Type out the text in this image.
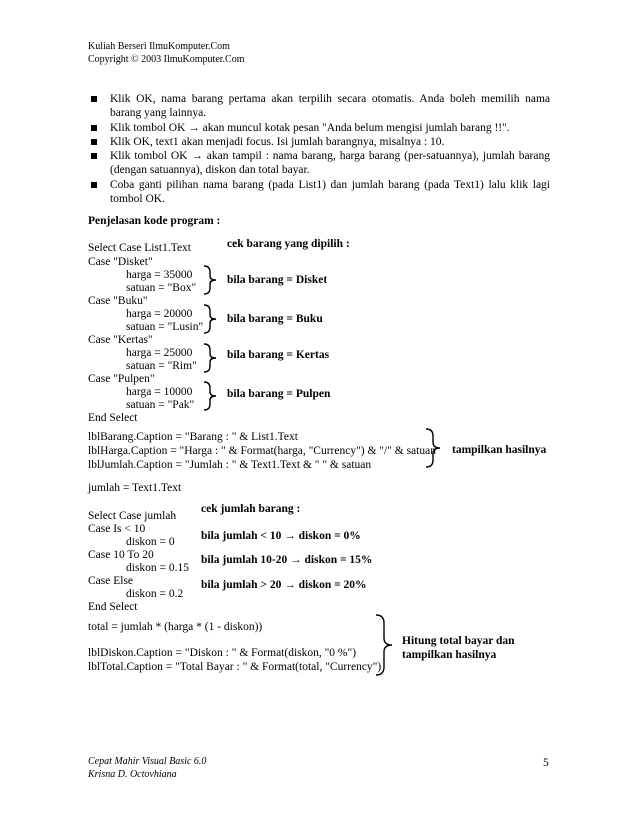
Kuliah Berseri IlmuKomputer.Com
Copyright © 2003 IlmuKomputer.Com
Klik OK, nama barang pertama akan terpilih secara otomatis. Anda boleh memilih nama barang yang lainnya.
Klik tombol OK → akan muncul kotak pesan "Anda belum mengisi jumlah barang !!".
Klik OK, text1 akan menjadi focus. Isi jumlah barangnya, misalnya : 10.
Klik tombol OK → akan tampil : nama barang, harga barang (per-satuannya), jumlah barang (dengan satuannya), diskon dan total bayar.
Coba ganti pilihan nama barang (pada List1) dan jumlah barang (pada Text1) lalu klik lagi tombol OK.
Penjelasan kode program :
Select Case List1.Text
Case "Disket"
harga = 35000
satuan = "Box"
Case "Buku"
harga = 20000
satuan = "Lusin"
Case "Kertas"
harga = 25000
satuan = "Rim"
Case "Pulpen"
harga = 10000
satuan = "Pak"
End Select
cek barang yang dipilih :
bila barang = Disket
bila barang = Buku
bila barang = Kertas
bila barang = Pulpen
lblBarang.Caption = "Barang : " & List1.Text
lblHarga.Caption = "Harga : " & Format(harga, "Currency") & "/" & satuan
lblJumlah.Caption = "Jumlah : " & Text1.Text & " " & satuan
tampilkan hasilnya
jumlah = Text1.Text
Select Case jumlah
Case Is < 10
diskon = 0
Case 10 To 20
diskon = 0.15
Case Else
diskon = 0.2
End Select
cek jumlah barang :
bila jumlah < 10 → diskon = 0%
bila jumlah 10-20 → diskon = 15%
bila jumlah > 20 → diskon = 20%
total = jumlah * (harga * (1 - diskon))
lblDiskon.Caption = "Diskon : " & Format(diskon, "0 %")
lblTotal.Caption = "Total Bayar : " & Format(total, "Currency")
Hitung total bayar dan
tampilkan hasilnya
Cepat Mahir Visual Basic 6.0
Krisna D. Octovhiana
5
